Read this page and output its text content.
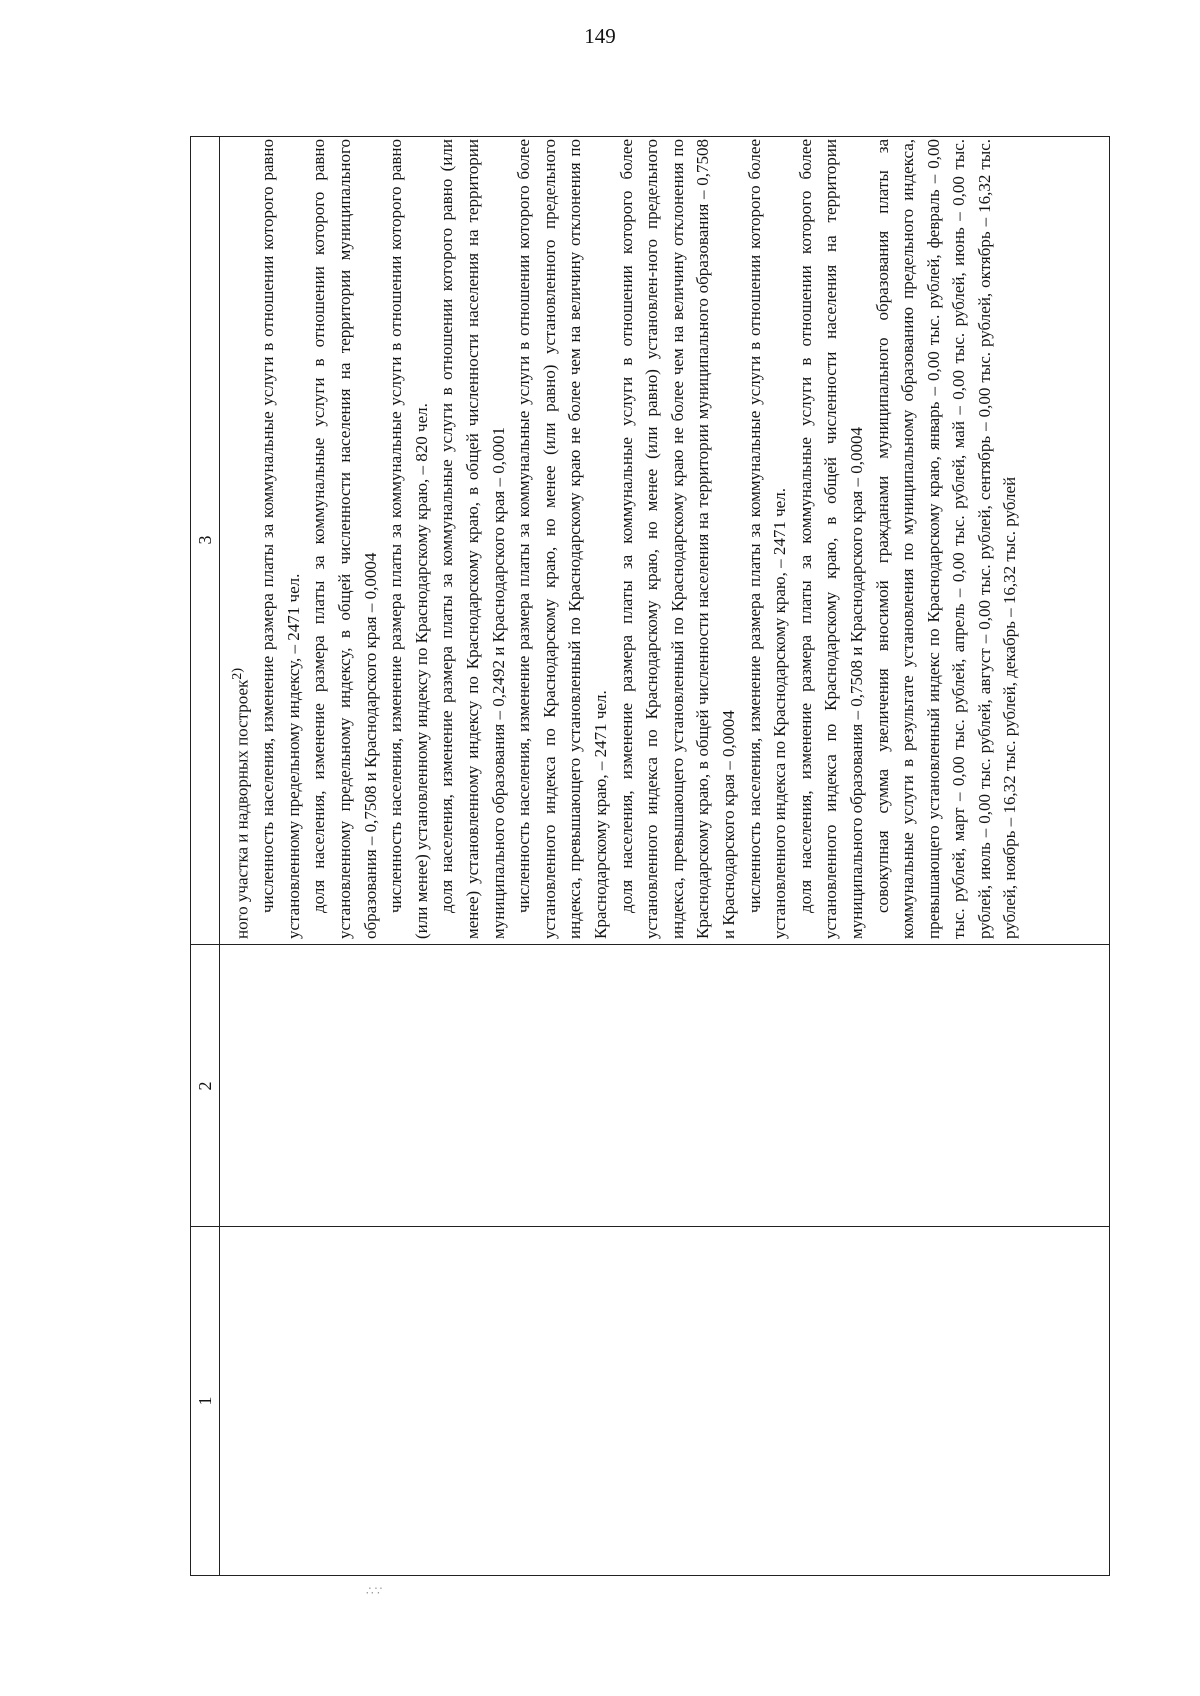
149
1
2
3

ного участка и надворных построек$^{2)}$ численность населения, изменение размера платы за коммунальные услуги в отношении которого равно установленному предельному индексу, – 2471 чел. доля населения, изменение размера платы за коммунальные услуги в отношении которого равно установленному предельному индексу, в общей численности населения на территории муниципального образования – 0,7508 и Краснодарского края – 0,0004 численность населения, изменение размера платы за коммунальные услуги в отношении которого равно (или менее) установленному индексу по Краснодарскому краю, – 820 чел. доля населения, изменение размера платы за коммунальные услуги в отношении которого равно (или менее) установленному индексу по Краснодарскому краю, в общей численности населения на территории муниципального образования – 0,2492 и Краснодарского края – 0,0001 численность населения, изменение размера платы за коммунальные услуги в отношении которого более установленного индекса по Краснодарскому краю, но менее (или равно) установленного предельного индекса, превышающего установленный по Краснодарскому краю не более чем на величину отклонения по Краснодарскому краю, – 2471 чел. доля населения, изменение размера платы за коммунальные услуги в отношении которого более установленного индекса по Краснодарскому краю, но менее (или равно) установлен-ного предельного индекса, превышающего установленный по Краснодарскому краю не более чем на величину отклонения по Краснодарскому краю, в общей численности населения на территории муниципального образования – 0,7508 и Краснодарского края – 0,0004 численность населения, изменение размера платы за коммунальные услуги в отношении которого более установленного индекса по Краснодарскому краю, – 2471 чел. доля населения, изменение размера платы за коммунальные услуги в отношении которого более установленного индекса по Краснодарскому краю, в общей численности населения на территории муниципального образования – 0,7508 и Краснодарского края – 0,0004 совокупная сумма увеличения вносимой гражданами муниципального образования платы за коммунальные услуги в результате установления по муниципальному образованию предельного индекса, превышающего установленный индекс по Краснодарскому краю, январь – 0,00 тыс. рублей, февраль – 0,00 тыс. рублей, март – 0,00 тыс. рублей, апрель – 0,00 тыс. рублей, май – 0,00 тыс. рублей, июнь – 0,00 тыс. рублей, июль – 0,00 тыс. рублей, август – 0,00 тыс. рублей, сентябрь – 0,00 тыс. рублей, октябрь – 16,32 тыс. рублей, ноябрь – 16,32 тыс. рублей, декабрь – 16,32 тыс. рублей

∴∵
